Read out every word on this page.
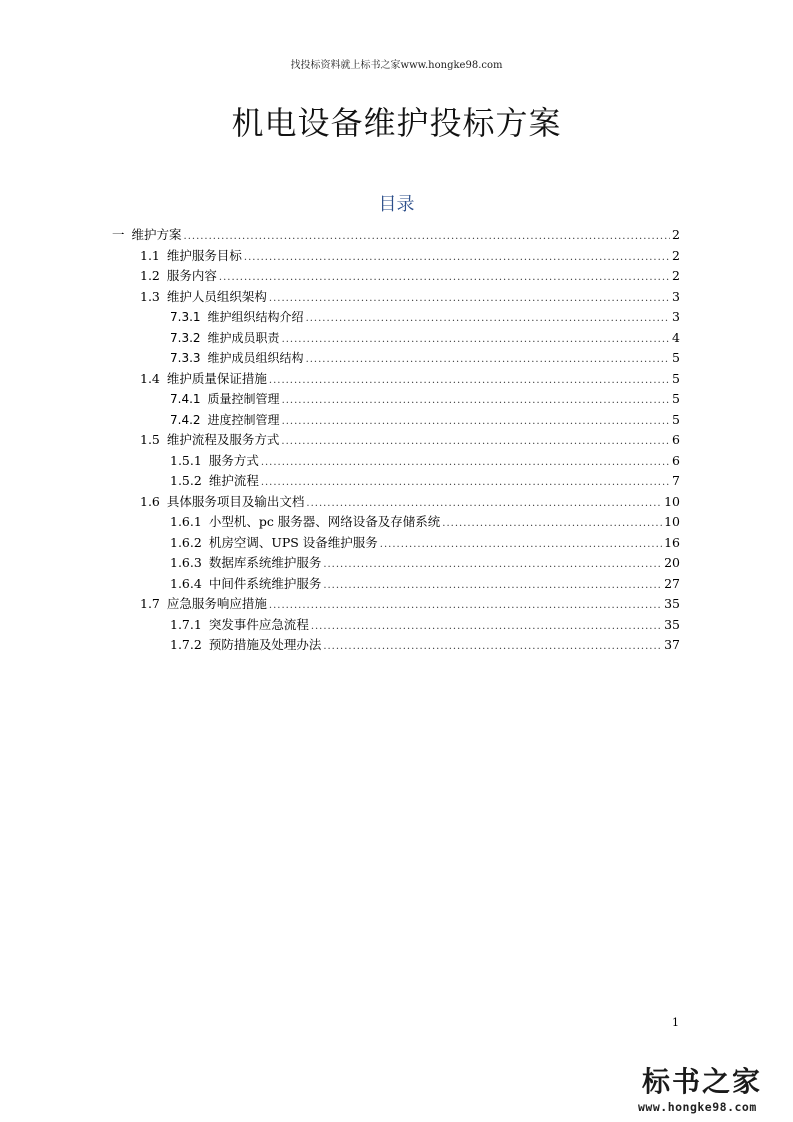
找投标资料就上标书之家www.hongke98.com
机电设备维护投标方案
目录
一 维护方案 .....	2
1.1 维护服务目标 .....	2
1.2 服务内容 .....	2
1.3 维护人员组织架构 .....	3
7.3.1 维护组织结构介绍 .....	3
7.3.2 维护成员职责 .....	4
7.3.3 维护成员组织结构 .....	5
1.4 维护质量保证措施 .....	5
7.4.1 质量控制管理 .....	5
7.4.2 进度控制管理 .....	5
1.5 维护流程及服务方式 .....	6
1.5.1 服务方式 .....	6
1.5.2 维护流程 .....	7
1.6 具体服务项目及输出文档 .....	10
1.6.1 小型机、pc 服务器、网络设备及存储系统 .....	10
1.6.2 机房空调、UPS 设备维护服务 .....	16
1.6.3 数据库系统维护服务 .....	20
1.6.4 中间件系统维护服务 .....	27
1.7 应急服务响应措施 .....	35
1.7.1 突发事件应急流程 .....	35
1.7.2 预防措施及处理办法 .....	37
1
标书之家
www.hongke98.com
